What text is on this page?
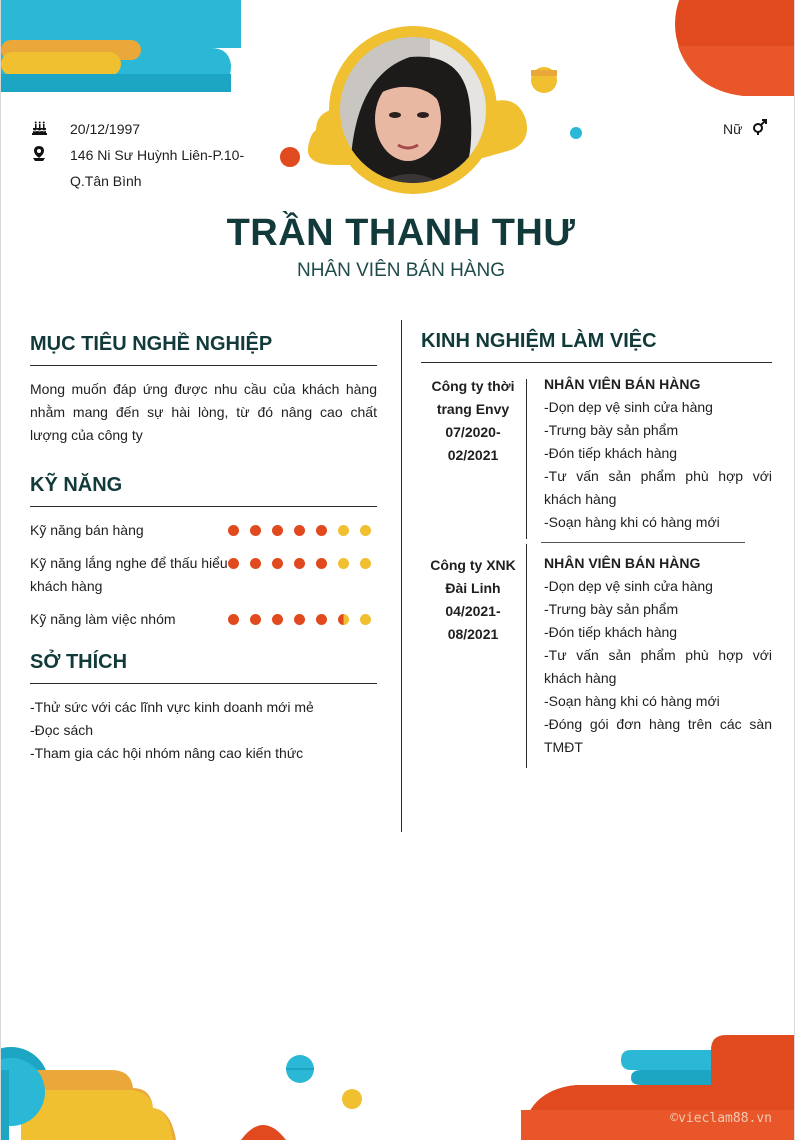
20/12/1997
146 Ni Sư Huỳnh Liên-P.10-
Q.Tân Bình
Nữ
TRẦN THANH THƯ
NHÂN VIÊN BÁN HÀNG
MỤC TIÊU NGHỀ NGHIỆP
Mong muốn đáp ứng được nhu cầu của khách hàng nhằm mang đến sự hài lòng, từ đó nâng cao chất lượng của công ty
KỸ NĂNG
Kỹ năng bán hàng
Kỹ năng lắng nghe để thấu hiểu khách hàng
Kỹ năng làm việc nhóm
SỞ THÍCH
-Thử sức với các lĩnh vực kinh doanh mới mẻ
-Đọc sách
-Tham gia các hội nhóm nâng cao kiến thức
KINH NGHIỆM LÀM VIỆC
Công ty thời
trang Envy
07/2020-
02/2021
NHÂN VIÊN BÁN HÀNG
-Dọn dẹp vệ sinh cửa hàng
-Trưng bày sản phẩm
-Đón tiếp khách hàng
-Tư vấn sản phẩm phù hợp với khách hàng
-Soạn hàng khi có hàng mới
Công ty XNK
Đài Linh
04/2021-
08/2021
NHÂN VIÊN BÁN HÀNG
-Dọn dẹp vệ sinh cửa hàng
-Trưng bày sản phẩm
-Đón tiếp khách hàng
-Tư vấn sản phẩm phù hợp với khách hàng
-Soạn hàng khi có hàng mới
-Đóng gói đơn hàng trên các sàn TMĐT
©vieclam88.vn
